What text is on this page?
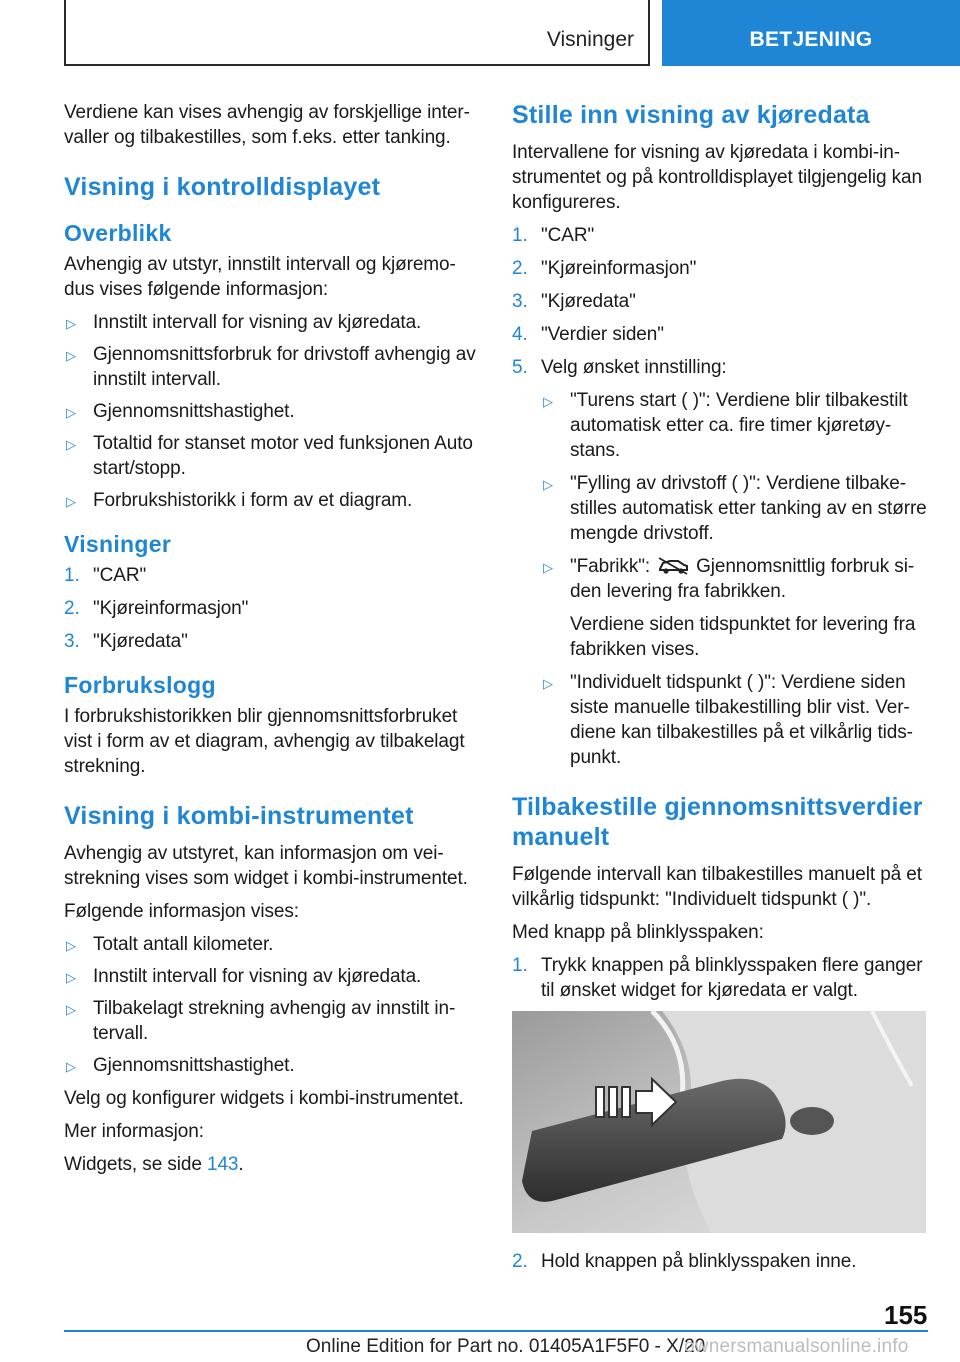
Visninger	BETJENING

Verdiene kan vises avhengig av forskjellige inter-valler og tilbakestilles, som f.eks. etter tanking.

Visning i kontrolldisplayet
Overblikk

Avhengig av utstyr, innstilt intervall og kjøremo-dus vises følgende informasjon:

▷ Innstilt intervall for visning av kjøredata.
▷ Gjennomsnittsforbruk for drivstoff avhengig av innstilt intervall.
▷ Gjennomsnittshastighet.
▷ Totaltid for stanset motor ved funksjonen Auto start/stopp.
▷ Forbrukshistorikk i form av et diagram.
Visninger
1. "CAR"
2. "Kjøreinformasjon"
3. "Kjøredata"
Forbrukslogg

I forbrukshistorikken blir gjennomsnittsforbruket vist i form av et diagram, avhengig av tilbakelagt strekning.

Visning i kombi-instrumentet

Avhengig av utstyret, kan informasjon om vei-strekning vises som widget i kombi-instrumentet.

Følgende informasjon vises:

▷ Totalt antall kilometer.
▷ Innstilt intervall for visning av kjøredata.
▷ Tilbakelagt strekning avhengig av innstilt in-tervall.
▷ Gjennomsnittshastighet.

Velg og konfigurer widgets i kombi-instrumentet.

Mer informasjon:

Widgets, se side 143.

Stille inn visning av kjøredata

Intervallene for visning av kjøredata i kombi-in-strumentet og på kontrolldisplayet tilgjengelig kan konfigureres.

1. "CAR"
2. "Kjøreinformasjon"
3. "Kjøredata"
4. "Verdier siden"
5. Velg ønsket innstilling:
▷ "Turens start ( )": Verdiene blir tilbakestilt automatisk etter ca. fire timer kjøretøy-stans.
▷ "Fylling av drivstoff ( )": Verdiene tilbake-stilles automatisk etter tanking av en større mengde drivstoff.
▷ "Fabrikk": Gjennomsnittlig forbruk si-den levering fra fabrikken.

Verdiene siden tidspunktet for levering fra fabrikken vises.

▷ "Individuelt tidspunkt ( )": Verdiene siden siste manuelle tilbakestilling blir vist. Ver-diene kan tilbakestilles på et vilkårlig tids-punkt.
Tilbakestille gjennomsnittsverdier manuelt

Følgende intervall kan tilbakestilles manuelt på et vilkårlig tidspunkt: "Individuelt tidspunkt ( )".

Med knapp på blinklysspaken:

1. Trykk knappen på blinklysspaken flere ganger til ønsket widget for kjøredata er valgt.
2. Hold knappen på blinklysspaken inne.
155
Online Edition for Part no. 01405A1F5F0 - X/20
ownersmanualsonline.info
